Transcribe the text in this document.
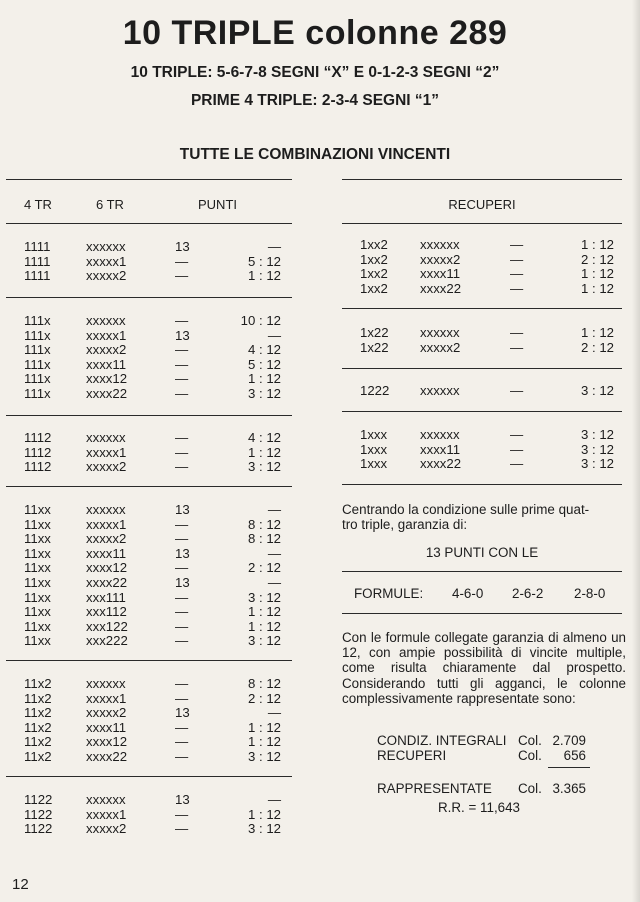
10 TRIPLE colonne 289
10 TRIPLE: 5-6-7-8 SEGNI “X” E 0-1-2-3 SEGNI “2”
PRIME 4 TRIPLE: 2-3-4 SEGNI “1”
TUTTE LE COMBINAZIONI VINCENTI
4 TR	6 TR	PUNTI
1111	xxxxxx	13	—
1111	xxxxx1	—	5 : 12
1111	xxxxx2	—	1 : 12
111x	xxxxxx	—	10 : 12
111x	xxxxx1	13	—
111x	xxxxx2	—	4 : 12
111x	xxxx11	—	5 : 12
111x	xxxx12	—	1 : 12
111x	xxxx22	—	3 : 12
1112	xxxxxx	—	4 : 12
1112	xxxxx1	—	1 : 12
1112	xxxxx2	—	3 : 12
11xx	xxxxxx	13	—
11xx	xxxxx1	—	8 : 12
11xx	xxxxx2	—	8 : 12
11xx	xxxx11	13	—
11xx	xxxx12	—	2 : 12
11xx	xxxx22	13	—
11xx	xxx111	—	3 : 12
11xx	xxx112	—	1 : 12
11xx	xxx122	—	1 : 12
11xx	xxx222	—	3 : 12
11x2	xxxxxx	—	8 : 12
11x2	xxxxx1	—	2 : 12
11x2	xxxxx2	13	—
11x2	xxxx11	—	1 : 12
11x2	xxxx12	—	1 : 12
11x2	xxxx22	—	3 : 12
1122	xxxxxx	13	—
1122	xxxxx1	—	1 : 12
1122	xxxxx2	—	3 : 12
RECUPERI
1xx2 xxxxxx	—	1 : 12
1xx2 xxxxx2	—	2 : 12
1xx2 xxxx11	—	1 : 12
1xx2 xxxx22	—	1 : 12
1x22 xxxxxx	—	1 : 12
1x22 xxxxx2	—	2 : 12
1222 xxxxxx	—	3 : 12
1xxx xxxxxx	—	3 : 12
1xxx xxxx11	—	3 : 12
1xxx xxxx22	—	3 : 12
Centrando la condizione sulle prime quat-
tro triple, garanzia di:
13 PUNTI CON LE
FORMULE: 4-6-0 2-6-2 2-8-0
Con le formule collegate garanzia di almeno un 12, con ampie possibilità di vincite multiple, come risulta chiaramente dal prospetto. Considerando tutti gli agganci, le colonne complessivamente rappresentate sono:
CONDIZ. INTEGRALI Col. 2.709
RECUPERI	Col.	656
RAPPRESENTATE Col. 3.365
R.R. = 11,643
12
